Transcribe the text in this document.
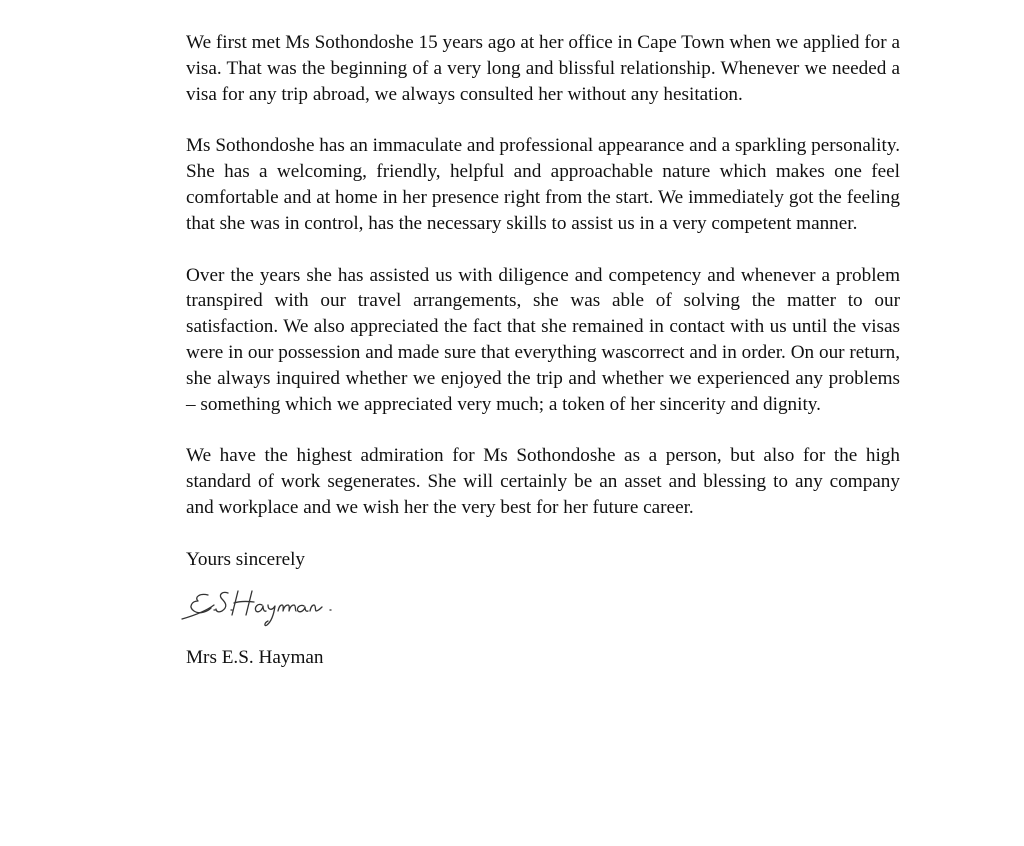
We first met Ms Sothondoshe 15 years ago at her office in Cape Town when we applied for a visa. That was the beginning of a very long and blissful relationship. Whenever we needed a visa for any trip abroad, we always consulted her without any hesitation.

Ms Sothondoshe has an immaculate and professional appearance and a sparkling personality. She has a welcoming, friendly, helpful and approachable nature which makes one feel comfortable and at home in her presence right from the start. We immediately got the feeling that she was in control, has the necessary skills to assist us in a very competent manner.

Over the years she has assisted us with diligence and competency and whenever a problem transpired with our travel arrangements, she was able of solving the matter to our satisfaction. We also appreciated the fact that she remained in contact with us until the visas were in our possession and made sure that everything wascorrect and in order. On our return, she always inquired whether we enjoyed the trip and whether we experienced any problems – something which we appreciated very much; a token of her sincerity and dignity.

We have the highest admiration for Ms Sothondoshe as a person, but also for the high standard of work segenerates. She will certainly be an asset and blessing to any company and workplace and we wish her the very best for her future career.

Yours sincerely

Mrs E.S. Hayman
